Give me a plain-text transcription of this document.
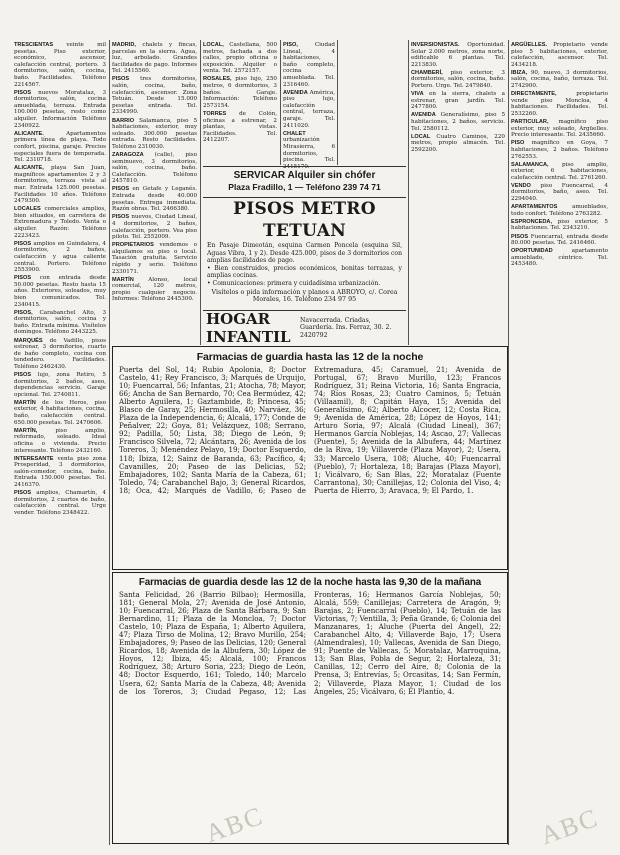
TRESCIENTAS veinte mil pesetas. Piso exterior, económico, ascensor, calefacción central, portero. 3 dormitorios, salón, cocina, baño. Facilidades. Teléfono 2214567.

PISOS nuevos Moratalaz, 3 dormitorios, salón, cocina amueblada, terraza. Entrada 100.000 pesetas, resto como alquiler. Información Teléfono 2340922.

ALICANTE. Apartamentos primera línea de playa. Todo confort, piscina, garaje. Precios especiales fuera de temporada. Tel. 2310718.

ALICANTE, playa San Juan, magníficos apartamentos 2 y 3 dormitorios, terraza vista al mar. Entrada 125.000 pesetas. Facilidades 10 años. Teléfono 2479300.

LOCALES comerciales amplios, bien situados, en carretera de Extremadura y Toledo. Venta o alquiler. Razón: Teléfono 2223423.

PISOS amplios en Guindalera, 4 dormitorios, 2 baños, calefacción y agua caliente central. Portero. Teléfono 2553900.

PISOS con entrada desde 50.000 pesetas. Resto hasta 15 años. Exteriores, soleados, muy bien comunicados. Tel. 2340415.

PISOS, Carabanchel Alto, 3 dormitorios, salón, cocina y baño. Entrada mínima. Visítelos domingos. Teléfono 2443225.

MARQUÉS de Vadillo, pisos estrenar, 3 dormitorios, cuarto de baño completo, cocina con tendedero. Facilidades. Teléfono 2462430.

PISOS lujo, zona Retiro, 5 dormitorios, 2 baños, aseo, dependencias servicio. Garaje opcional. Tel. 2740811.

MARTÍN de los Heros, piso exterior, 4 habitaciones, cocina, baño, calefacción central. 650.000 pesetas. Tel. 2470606.

MARTÍN, piso amplio, reformado, soleado. Ideal oficina o vivienda. Precio interesante. Teléfono 2432160.

INTERESANTE venta piso zona Prosperidad, 3 dormitorios, salón-comedor, cocina, baño. Entrada 150.000 pesetas. Tel. 2416370.

PISOS amplios, Chamartín, 4 dormitorios, 2 cuartos de baño, calefacción central. Urge vender. Teléfono 2348422.

MADRID, chalets y fincas, parcelas en la sierra. Agua, luz, arbolado. Grandes facilidades de pago. Informes Tel. 2415560.

PISOS tres dormitorios, salón, cocina, baño, calefacción, ascensor. Zona Tetuán. Desde 15.000 pesetas entrada. Tel. 2334990.

BARRIO Salamanca, piso 5 habitaciones, exterior, muy soleado. 300.000 pesetas entrada. Resto facilidades. Teléfono 2310030.

ZARAGOZA (calle), piso seminuevo, 3 dormitorios, salón, cocina, baño. Calefacción. Teléfono 2457810.

PISOS en Getafe y Leganés. Entrada desde 40.000 pesetas. Entrega inmediata. Razón obras. Tel. 2466380.

PISOS nuevos, Ciudad Lineal, 4 dormitorios, 2 baños, calefacción, portero. Vea piso piloto. Tel. 2552009.

PROPIETARIOS vendemos o alquilamos su piso o local. Tasación gratuita. Servicio rápido y serio. Teléfono 2330171.

MARTÍN Alonso, local comercial, 120 metros, propio cualquier negocio. Informes: Teléfono 2445300.

LOCAL, Castellana, 500 metros, fachada a dos calles, propio oficina o exposición. Alquiler o venta. Tel. 2572157.

ROSALES, piso lujo, 250 metros, 6 dormitorios, 3 baños. Garaje. Información: Teléfono 2573154.

TORRES de Colón, oficinas a estrenar, 2 plantas, vistas. Facilidades. Tel. 2412207.

PISO, Ciudad Lineal, 4 habitaciones, baño completo, cocina amueblada. Tel. 2316460.

AVENIDA América, piso lujo, calefacción central, terraza, garaje. Tel. 2411020.

CHALET urbanización Mirasierra, 6 dormitorios, piscina. Tel. 2415170.

SERVICAR Alquiler sin chófer
Plaza Fradillo, 1 — Teléfono 239 74 71
PISOS METRO TETUAN
En Pasaje Dimeotán, esquina Carmen Poncela (esquina Sil, Aguas Vibra, 1 y 2). Desde 425.000, pisos de 3 dormitorios con amplias facilidades de pago.
• Bien construidos, precios económicos, bonitas terrazas, y amplias cocinas.
• Comunicaciones: primera y cuidadísima urbanización.
Visítelos o pida información y planos a ABROYO, c/. Corea Morales, 16. Teléfono 234 97 95
HOGAR INFANTIL
Navacerrada. Criadas, Guardería. Ins. Ferraz, 30. 2. 2420792

INVERSIONISTAS. Oportunidad. Solar 2.000 metros, zona norte, edificable 6 plantas. Tel. 2213830.

CHAMBERÍ, piso exterior, 3 dormitorios, salón, cocina, baño. Portero. Urge. Tel. 2479840.

VIVA en la sierra, chalets a estrenar, gran jardín. Tel. 2477800.

AVENIDA Generalísimo, piso 5 habitaciones, 2 baños, servicio. Tel. 2580112.

LOCAL Cuatro Caminos, 220 metros, propio almacén. Tel. 2592200.

ARGÜELLES. Propietario vende piso 5 habitaciones, exterior, calefacción, ascensor. Tel. 2434218.

IBIZA, 90, nuevo, 3 dormitorios, salón, cocina, baño, terraza. Tel. 2742900.

DIRECTAMENTE, propietario vende piso Moncloa, 4 habitaciones. Facilidades. Tel. 2532260.

PARTICULAR, magnífico piso exterior, muy soleado, Argüelles. Precio interesante. Tel. 2435660.

PISO magnífico en Goya, 7 habitaciones, 2 baños. Teléfono 2762553.

SALAMANCA, piso amplio, exterior, 6 habitaciones, calefacción central. Tel. 2761260.

VENDO piso Fuencarral, 4 dormitorios, baño, aseo. Tel. 2294040.

APARTAMENTOS amueblados, todo confort. Teléfono 2763282.

ESPRONCEDA, piso exterior, 5 habitaciones. Tel. 2343210.

PISOS Fuencarral, entrada desde 80.000 pesetas. Tel. 2416460.

OPORTUNIDAD apartamento amueblado, céntrico. Tel. 2453480.

Farmacias de guardia hasta las 12 de la noche
Puerta del Sol, 14; Rubio Apolonia, 8; Doctor Castelo, 41; Rey Francisco, 3; Marqués de Urquijo, 10; Fuencarral, 56; Infantas, 21; Atocha, 78; Mayor, 66; Ancha de San Bernardo, 70; Cea Bermúdez, 42; Alberto Aguilera, 1; Gaztambide, 8; Princesa, 45; Blasco de Garay, 25; Hermosilla, 40; Narváez, 36; Plaza de la Independencia, 6; Alcalá, 177; Conde de Peñalver, 22; Goya, 81; Velázquez, 108; Serrano, 92; Padilla, 50; Lista, 38; Diego de León, 9; Francisco Silvela, 72; Alcántara, 26; Avenida de los Toreros, 3; Menéndez Pelayo, 19; Doctor Esquerdo, 118; Ibiza, 12; Sainz de Baranda, 63; Pacífico, 4; Cavanilles, 20; Paseo de las Delicias, 52; Embajadores, 102; Santa María de la Cabeza, 61; Toledo, 74; Carabanchel Bajo, 3; General Ricardos, 18; Oca, 42; Marqués de Vadillo, 6; Paseo de Extremadura, 45; Caramuel, 21; Avenida de Portugal, 67; Bravo Murillo, 123; Francos Rodríguez, 31; Reina Victoria, 16; Santa Engracia, 74; Ríos Rosas, 23; Cuatro Caminos, 5; Tetuán (Villaamil), 8; Capitán Haya, 15; Avenida del Generalísimo, 62; Alberto Alcocer, 12; Costa Rica, 9; Avenida de América, 28; López de Hoyos, 141; Arturo Soria, 97; Alcalá (Ciudad Lineal), 367; Hermanos García Noblejas, 14; Ascao, 27; Vallecas (Puente), 5; Avenida de la Albufera, 44; Martínez de la Riva, 19; Villaverde (Plaza Mayor), 2; Usera, 33; Marcelo Usera, 108; Aluche, 40; Fuencarral (Pueblo), 7; Hortaleza, 18; Barajas (Plaza Mayor), 1; Vicálvaro, 6; San Blas, 22; Moratalaz (Fuente Carrantona), 30; Canillejas, 12; Colonia del Viso, 4; Puerta de Hierro, 3; Aravaca, 9; El Pardo, 1.
Farmacias de guardia desde las 12 de la noche hasta las 9,30 de la mañana
Santa Felicidad, 26 (Barrio Bilbao); Hermosilla, 181; General Mola, 27; Avenida de José Antonio, 10; Fuencarral, 26; Plaza de Santa Bárbara, 9; San Bernardino, 11; Plaza de la Moncloa, 7; Doctor Castelo, 10; Plaza de España, 1; Alberto Aguilera, 47; Plaza Tirso de Molina, 12; Bravo Murillo, 254; Embajadores, 9; Paseo de las Delicias, 120; General Ricardos, 18; Avenida de la Albufera, 30; López de Hoyos, 12; Ibiza, 45; Alcalá, 100; Francos Rodríguez, 38; Arturo Soria, 223; Diego de León, 48; Doctor Esquerdo, 161; Toledo, 140; Marcelo Usera, 62; Santa María de la Cabeza, 48; Avenida de los Toreros, 3; Ciudad Pegaso, 12; Las Fronteras, 16; Hermanos García Noblejas, 50; Alcalá, 559; Canillejas; Carretera de Aragón, 9; Barajas, 2; Fuencarral (Pueblo), 14; Tetuán de las Victorias, 7; Ventilla, 3; Peña Grande, 6; Colonia del Manzanares, 1; Aluche (Puerta del Ángel), 22; Carabanchel Alto, 4; Villaverde Bajo, 17; Usera (Almendrales), 10; Vallecas, Avenida de San Diego, 91; Puente de Vallecas, 5; Moratalaz, Marroquina, 13; San Blas, Pobla de Segur, 2; Hortaleza, 31; Canillas, 12; Cerro del Aire, 8; Colonia de la Prensa, 3; Entrevías, 5; Orcasitas, 14; San Fermín, 2; Villaverde, Plaza Mayor, 1; Ciudad de los Ángeles, 25; Vicálvaro, 6; El Plantío, 4.
ABC	ABC
